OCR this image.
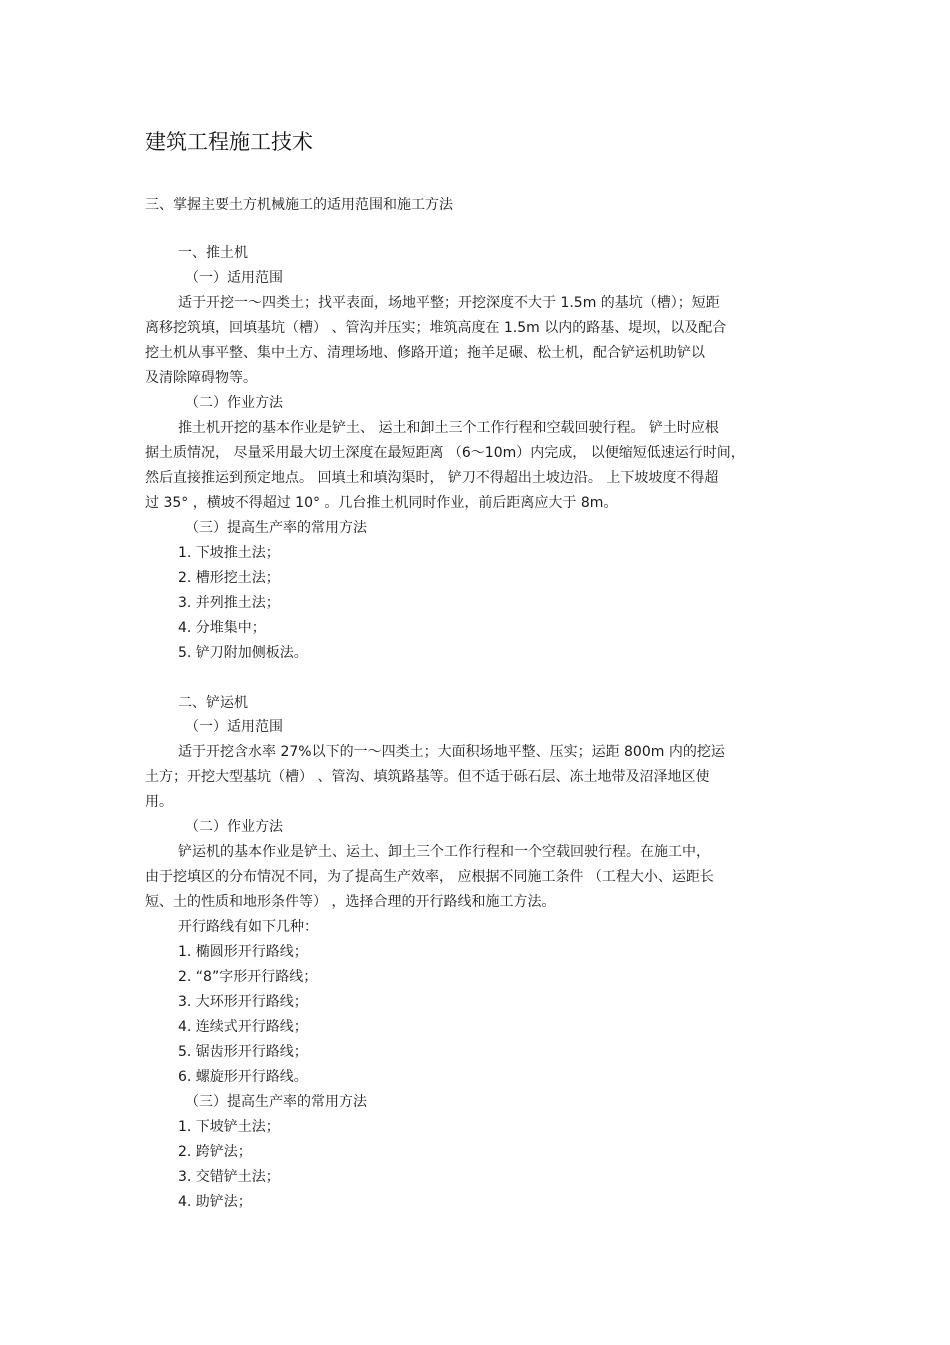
建筑工程施工技术
三、掌握主要土方机械施工的适用范围和施工方法
一、推土机
（一）适用范围
适于开挖一～四类土；找平表面，场地平整；开挖深度不大于 1.5m 的基坑（槽）；短距
离移挖筑填，回填基坑（槽） 、管沟并压实；堆筑高度在 1.5m 以内的路基、堤坝，以及配合
挖土机从事平整、集中土方、清理场地、修路开道；拖羊足碾、松土机，配合铲运机助铲以
及清除障碍物等。
（二）作业方法
推土机开挖的基本作业是铲土、 运土和卸土三个工作行程和空载回驶行程。 铲土时应根
据土质情况， 尽量采用最大切土深度在最短距离 （6～10m）内完成， 以便缩短低速运行时间，
然后直接推运到预定地点。 回填土和填沟渠时， 铲刀不得超出土坡边沿。 上下坡坡度不得超
过 35° ，横坡不得超过 10° 。几台推土机同时作业，前后距离应大于 8m。
（三）提高生产率的常用方法
1. 下坡推土法；
2. 槽形挖土法；
3. 并列推土法；
4. 分堆集中；
5. 铲刀附加侧板法。
二、铲运机
（一）适用范围
适于开挖含水率 27%以下的一～四类土；大面积场地平整、压实；运距 800m 内的挖运
土方；开挖大型基坑（槽） 、管沟、填筑路基等。但不适于砾石层、冻土地带及沼泽地区使
用。
（二）作业方法
铲运机的基本作业是铲土、运土、卸土三个工作行程和一个空载回驶行程。在施工中，
由于挖填区的分布情况不同，为了提高生产效率， 应根据不同施工条件 （工程大小、运距长
短、土的性质和地形条件等） ，选择合理的开行路线和施工方法。
开行路线有如下几种：
1. 椭圆形开行路线；
2. “8”字形开行路线；
3. 大环形开行路线；
4. 连续式开行路线；
5. 锯齿形开行路线；
6. 螺旋形开行路线。
（三）提高生产率的常用方法
1. 下坡铲土法；
2. 跨铲法；
3. 交错铲土法；
4. 助铲法；
